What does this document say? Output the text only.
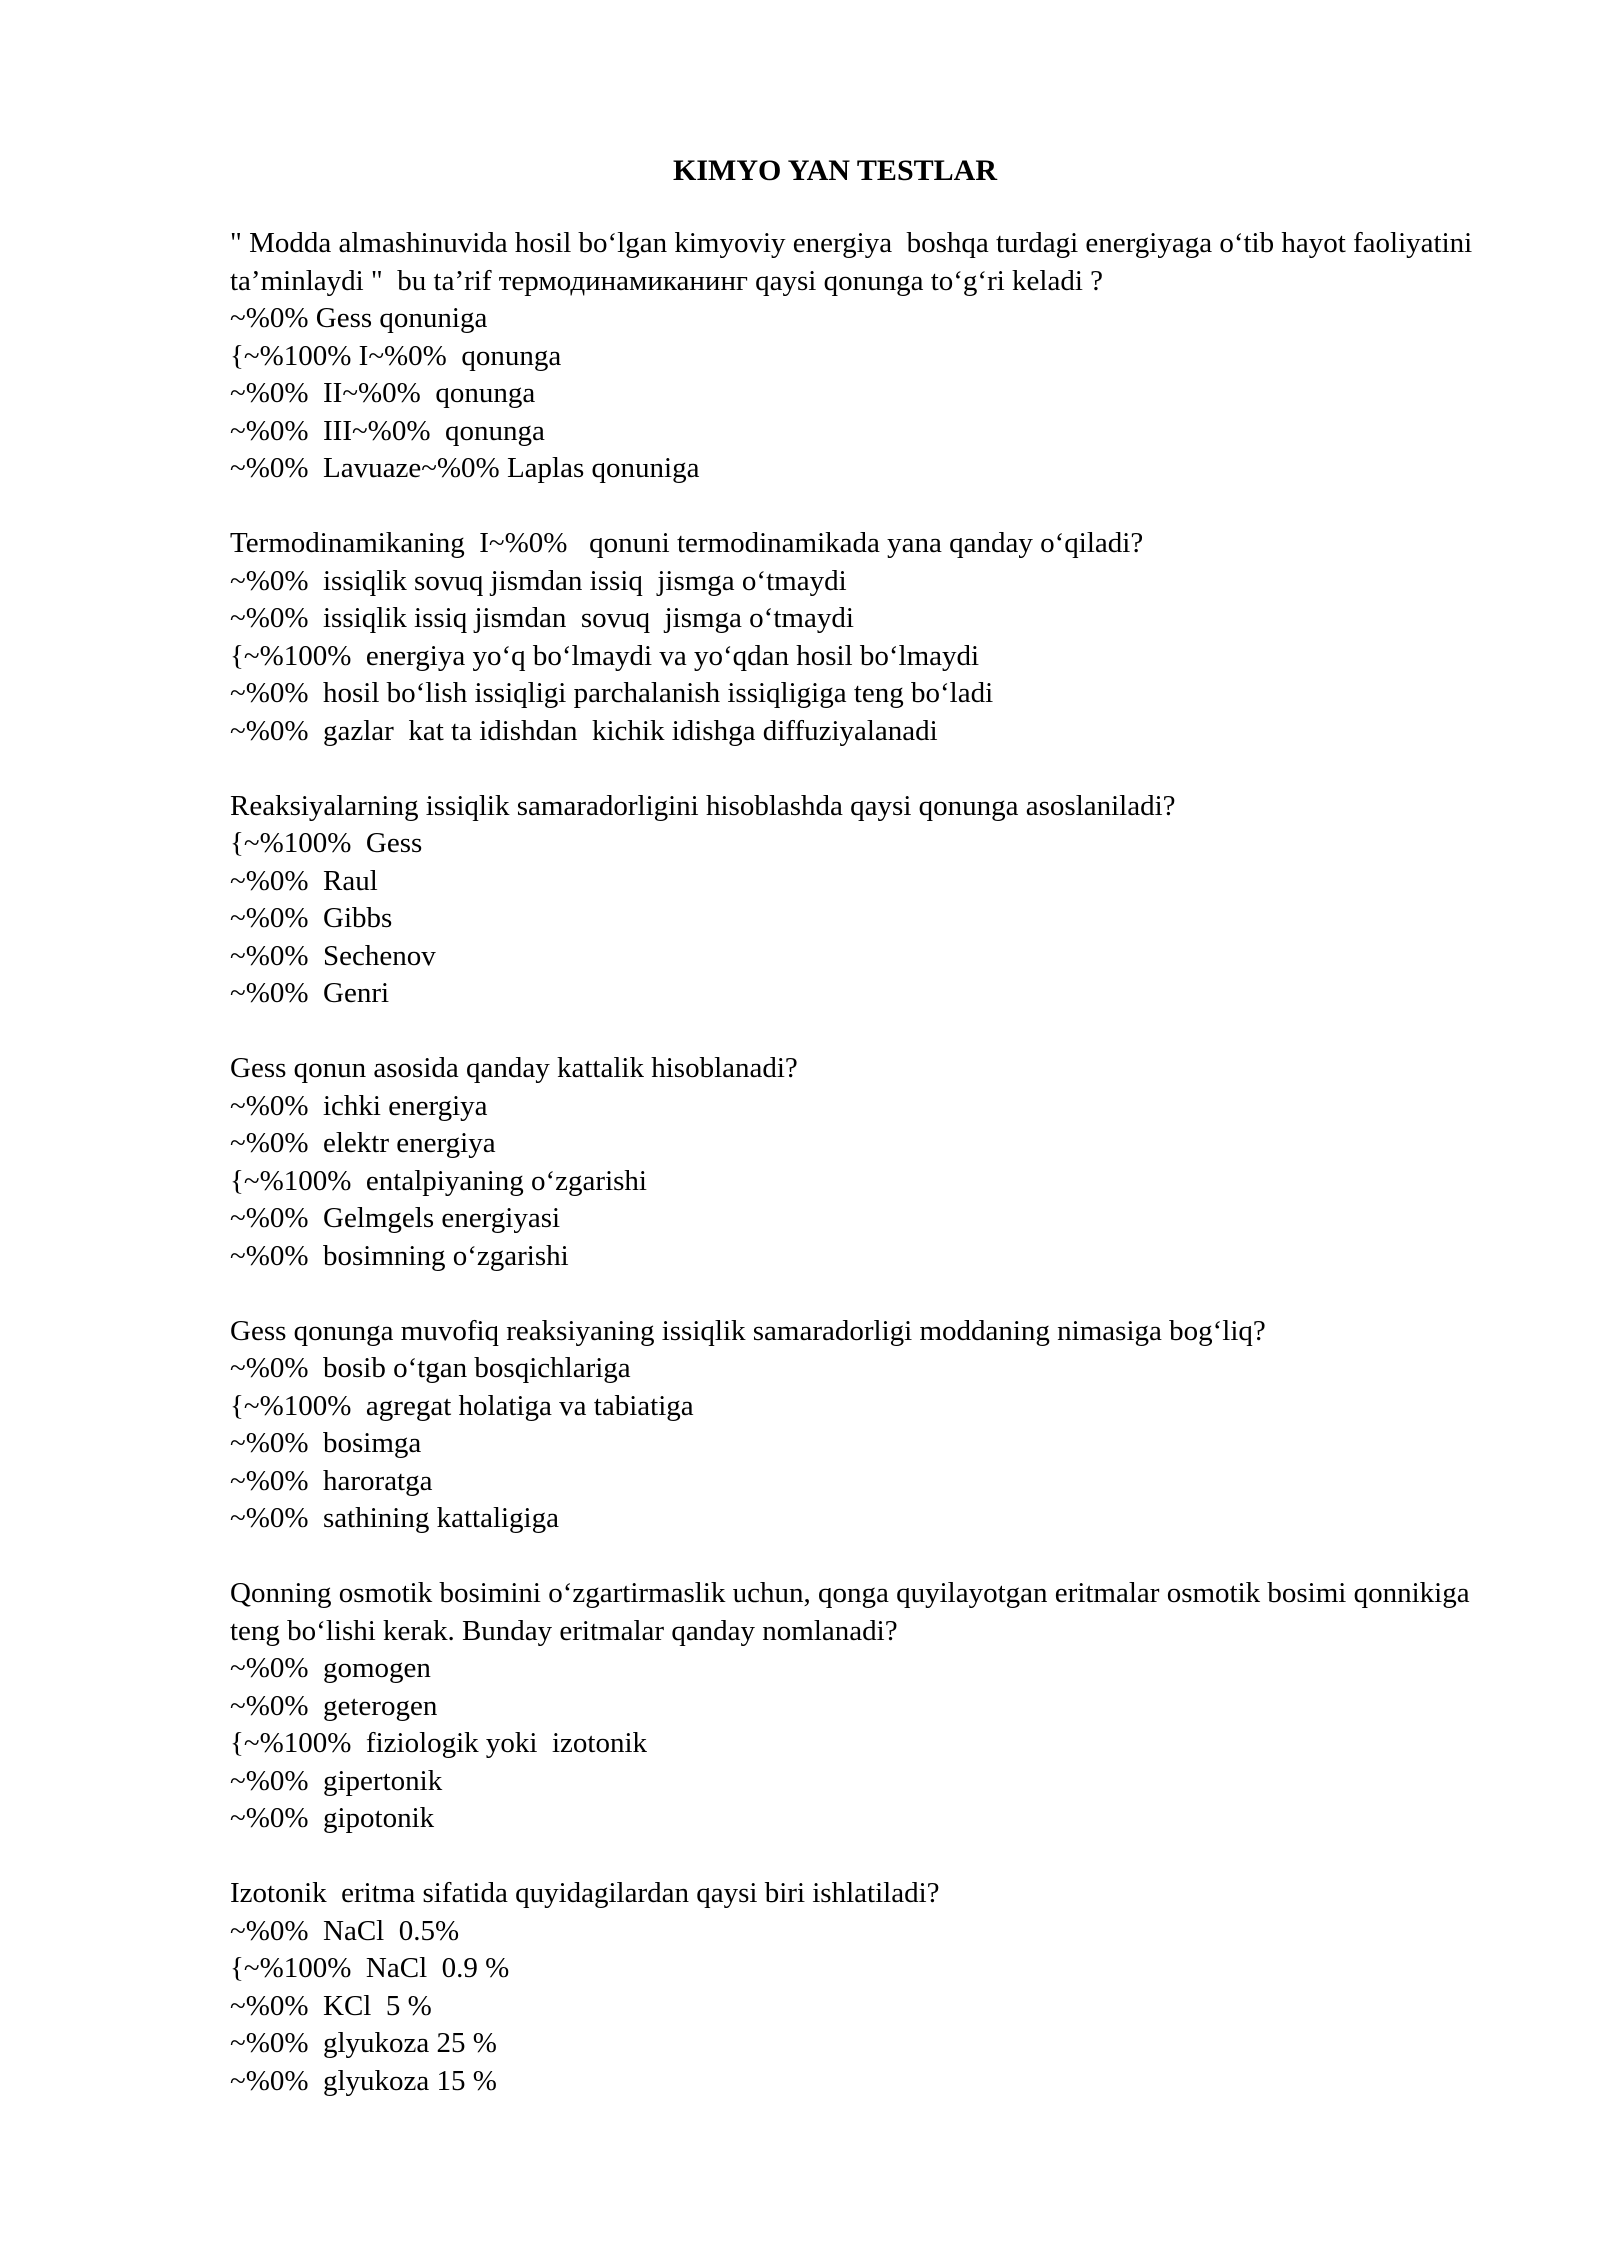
KIMYO YAN TESTLAR

" Modda almashinuvida hosil bo‘lgan kimyoviy energiya  boshqa turdagi energiyaga o‘tib hayot faoliyatini ta’minlaydi "  bu ta’rif термодинамиканинг qaysi qonunga to‘g‘ri keladi ?

~%0% Gess qonuniga

{~%100% I~%0%  qonunga

~%0%  II~%0%  qonunga

~%0%  III~%0%  qonunga

~%0%  Lavuaze~%0% Laplas qonuniga

Termodinamikaning  I~%0%   qonuni termodinamikada yana qanday o‘qiladi?

~%0%  issiqlik sovuq jismdan issiq  jismga o‘tmaydi

~%0%  issiqlik issiq jismdan  sovuq  jismga o‘tmaydi

{~%100%  energiya yo‘q bo‘lmaydi va yo‘qdan hosil bo‘lmaydi

~%0%  hosil bo‘lish issiqligi parchalanish issiqligiga teng bo‘ladi

~%0%  gazlar  kat ta idishdan  kichik idishga diffuziyalanadi

Reaksiyalarning issiqlik samaradorligini hisoblashda qaysi qonunga asoslaniladi?

{~%100%  Gess

~%0%  Raul

~%0%  Gibbs

~%0%  Sechenov

~%0%  Genri

Gess qonun asosida qanday kattalik hisoblanadi?

~%0%  ichki energiya

~%0%  elektr energiya

{~%100%  entalpiyaning o‘zgarishi

~%0%  Gelmgels energiyasi

~%0%  bosimning o‘zgarishi

Gess qonunga muvofiq reaksiyaning issiqlik samaradorligi moddaning nimasiga bog‘liq?

~%0%  bosib o‘tgan bosqichlariga

{~%100%  agregat holatiga va tabiatiga

~%0%  bosimga

~%0%  haroratga

~%0%  sathining kattaligiga

Qonning osmotik bosimini o‘zgartirmaslik uchun, qonga quyilayotgan eritmalar osmotik bosimi qonnikiga teng bo‘lishi kerak. Bunday eritmalar qanday nomlanadi?

~%0%  gomogen

~%0%  geterogen

{~%100%  fiziologik yoki  izotonik

~%0%  gipertonik

~%0%  gipotonik

Izotonik  eritma sifatida quyidagilardan qaysi biri ishlatiladi?

~%0%  NaCl  0.5%

{~%100%  NaCl  0.9 %

~%0%  KCl  5 %

~%0%  glyukoza 25 %

~%0%  glyukoza 15 %
